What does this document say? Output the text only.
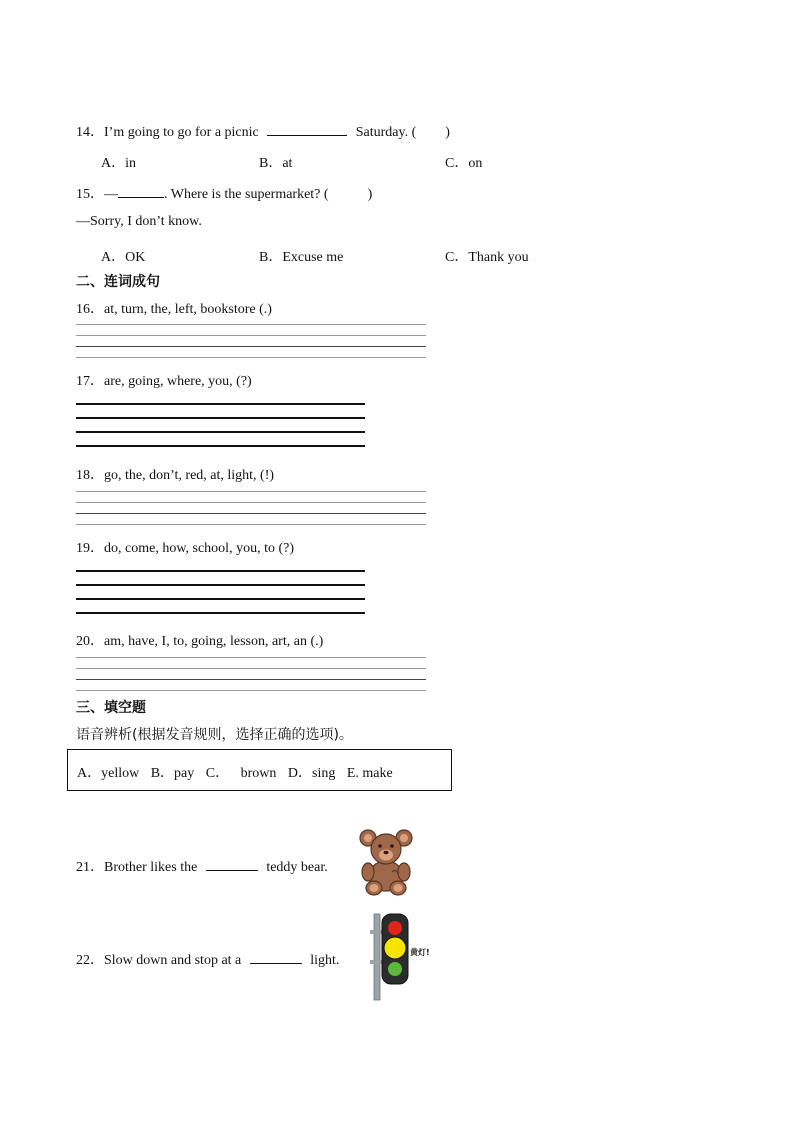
14．I’m going to go for a picnic	Saturday. ( )
A．in	B．at	C．on
15．—	. Where is the supermarket? (	)
—Sorry, I don’t know.
A．OK	B．Excuse me	C．Thank you
二、连词成句
16．at, turn, the, left, bookstore (.)
17．are, going, where, you, (?)
18．go, the, don’t, red, at, light, (!)
19．do, come, how, school, you, to (?)
20．am, have, I, to, going, lesson, art, an (.)
三、填空题
语音辨析(根据发音规则，选择正确的选项)。
A．yellow B．pay C． brown D．sing E. make
21．Brother likes the	teddy bear.
22．Slow down and stop at a	light.
黄灯!
